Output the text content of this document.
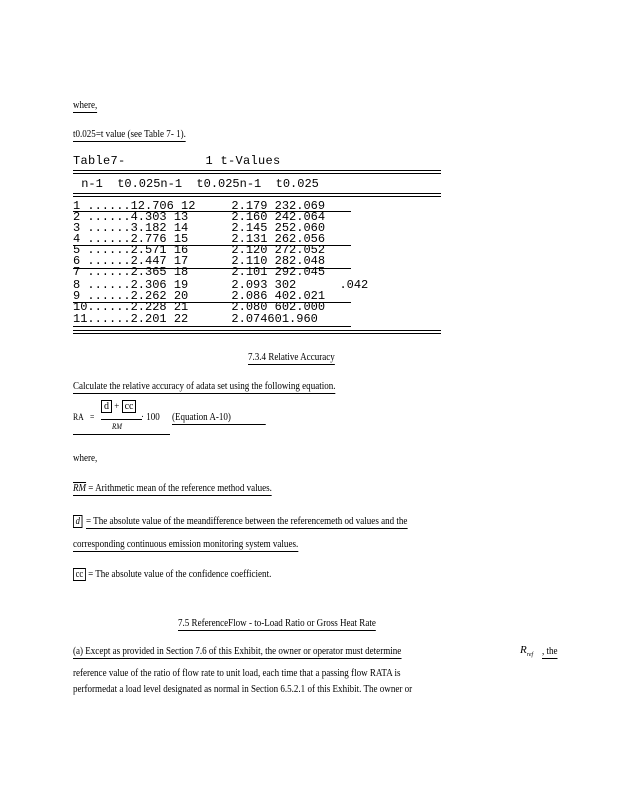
where,
t0.025=t value (see Table 7- 1).
Table7-	1 t-Values
n-1  t0.025n-1  t0.025n-1  t0.025
1 ......12.706 12     2.179 232.069
2 ......4.303 13      2.160 242.064
3 ......3.182 14      2.145 252.060
4 ......2.776 15      2.131 262.056
5 ......2.571 16      2.120 272.052
6 ......2.447 17      2.110 282.048
7 ......2.365 18      2.101 292.045
8 ......2.306 19      2.093 302      .042
9 ......2.262 20      2.086 402.021
10......2.228 21      2.080 602.000
11......2.201 22      2.074601.960
7.3.4 Relative Accuracy
Calculate the relative accuracy of adata set using the following equation.
RA =
d + cc
RM
· 100 (Equation A-10)
where,
$\overline{RM}$ = Arithmetic mean of the reference method values.
d = The absolute value of the meandifference between the referencemeth od values and the
corresponding continuous emission monitoring system values.
cc = The absolute value of the confidence coefficient.
7.5 ReferenceFlow - to-Load Ratio or Gross Heat Rate
(a) Except as provided in Section 7.6 of this Exhibit, the owner or operator must determine	$R_{ref}$ , the
reference value of the ratio of flow rate to unit load, each time that a passing flow RATA is
performedat a load level designated as normal in Section 6.5.2.1 of this Exhibit. The owner or
